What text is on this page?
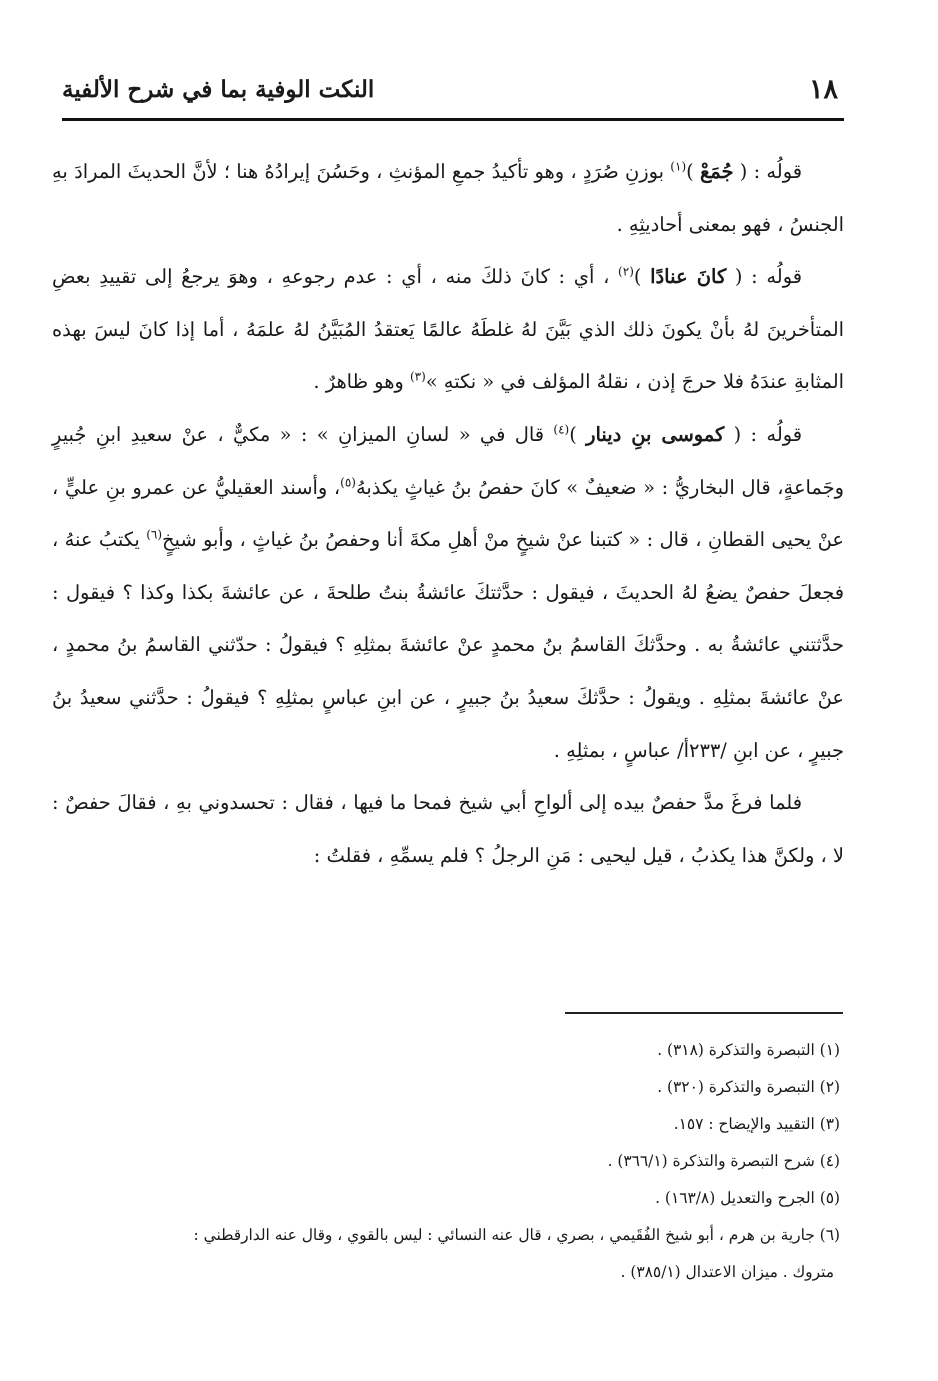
١٨
النكت الوفية بما في شرح الألفية

قولُه : ( جُمَعْ )$^{(١)}$ بوزنِ صُرَدٍ ، وهو تأكيدُ جمعِ المؤنثِ ، وحَسُنَ إيرادُهُ هنا ؛ لأنَّ الحديثَ المرادَ بهِ الجنسُ ، فهو بمعنى أحاديثِهِ .

قولُه : ( كانَ عنادًا )$^{(٢)}$ ، أي : كانَ ذلكَ منه ، أي : عدم رجوعهِ ، وهوَ يرجعُ إلى تقييدِ بعضِ المتأخرينَ لهُ بأنْ يكونَ ذلك الذي بَيَّنَ لهُ غلطَهُ عالمًا يَعتقدُ المُبَيَّنُ لهُ علمَهُ ، أما إذا كانَ ليسَ بهذه المثابةِ عندَهُ فلا حرجَ إذن ، نقلهُ المؤلف في « نكتهِ »$^{(٣)}$ وهو ظاهرٌ .

قولُه : ( كموسى بنِ دينار )$^{(٤)}$ قال في « لسانِ الميزانِ » : « مكيٌّ ، عنْ سعيدِ ابنِ جُبيرٍ وجَماعةٍ، قال البخاريُّ : « ضعيفٌ » كانَ حفصُ بنُ غياثٍ يكذبهُ$^{(٥)}$، وأسند العقيليُّ عن عمرو بنِ عليٍّ ، عنْ يحيى القطانِ ، قال : « كتبنا عنْ شيخٍ منْ أهلِ مكةَ أنا وحفصُ بنُ غياثٍ ، وأبو شيخٍ$^{(٦)}$ يكتبُ عنهُ ، فجعلَ حفصٌ يضعُ لهُ الحديثَ ، فيقول : حدَّثتكَ عائشةُ بنتُ طلحةَ ، عن عائشةَ بكذا وكذا ؟ فيقول : حدَّثتني عائشةُ به . وحدَّثكَ القاسمُ بنُ محمدٍ عنْ عائشةَ بمثلِهِ ؟ فيقولُ : حدّثني القاسمُ بنُ محمدٍ ، عنْ عائشةَ بمثلِهِ . ويقولُ : حدَّثكَ سعيدُ بنُ جبيرٍ ، عن ابنِ عباسٍ بمثلِهِ ؟ فيقولُ : حدَّثني سعيدُ بنُ جبيرٍ ، عن ابنِ /٢٣٣أ/ عباسٍ ، بمثلِهِ .

فلما فرغَ مدَّ حفصٌ بيده إلى ألواحِ أبي شيخ فمحا ما فيها ، فقال : تحسدوني بهِ ، فقالَ حفصٌ : لا ، ولكنَّ هذا يكذبُ ، قيل ليحيى : مَنِ الرجلُ ؟ فلم يسمِّهِ ، فقلتُ :

(١) التبصرة والتذكرة (٣١٨) .

(٢) التبصرة والتذكرة (٣٢٠) .

(٣) التقييد والإيضاح : ١٥٧.

(٤) شرح التبصرة والتذكرة (٣٦٦/١) .

(٥) الجرح والتعديل (١٦٣/٨) .

(٦) جارية بن هرم ، أبو شيخ الفُقَيمي ، بصري ، قال عنه النسائي : ليس بالقوي ، وقال عنه الدارقطني :

متروك . ميزان الاعتدال (٣٨٥/١) .
